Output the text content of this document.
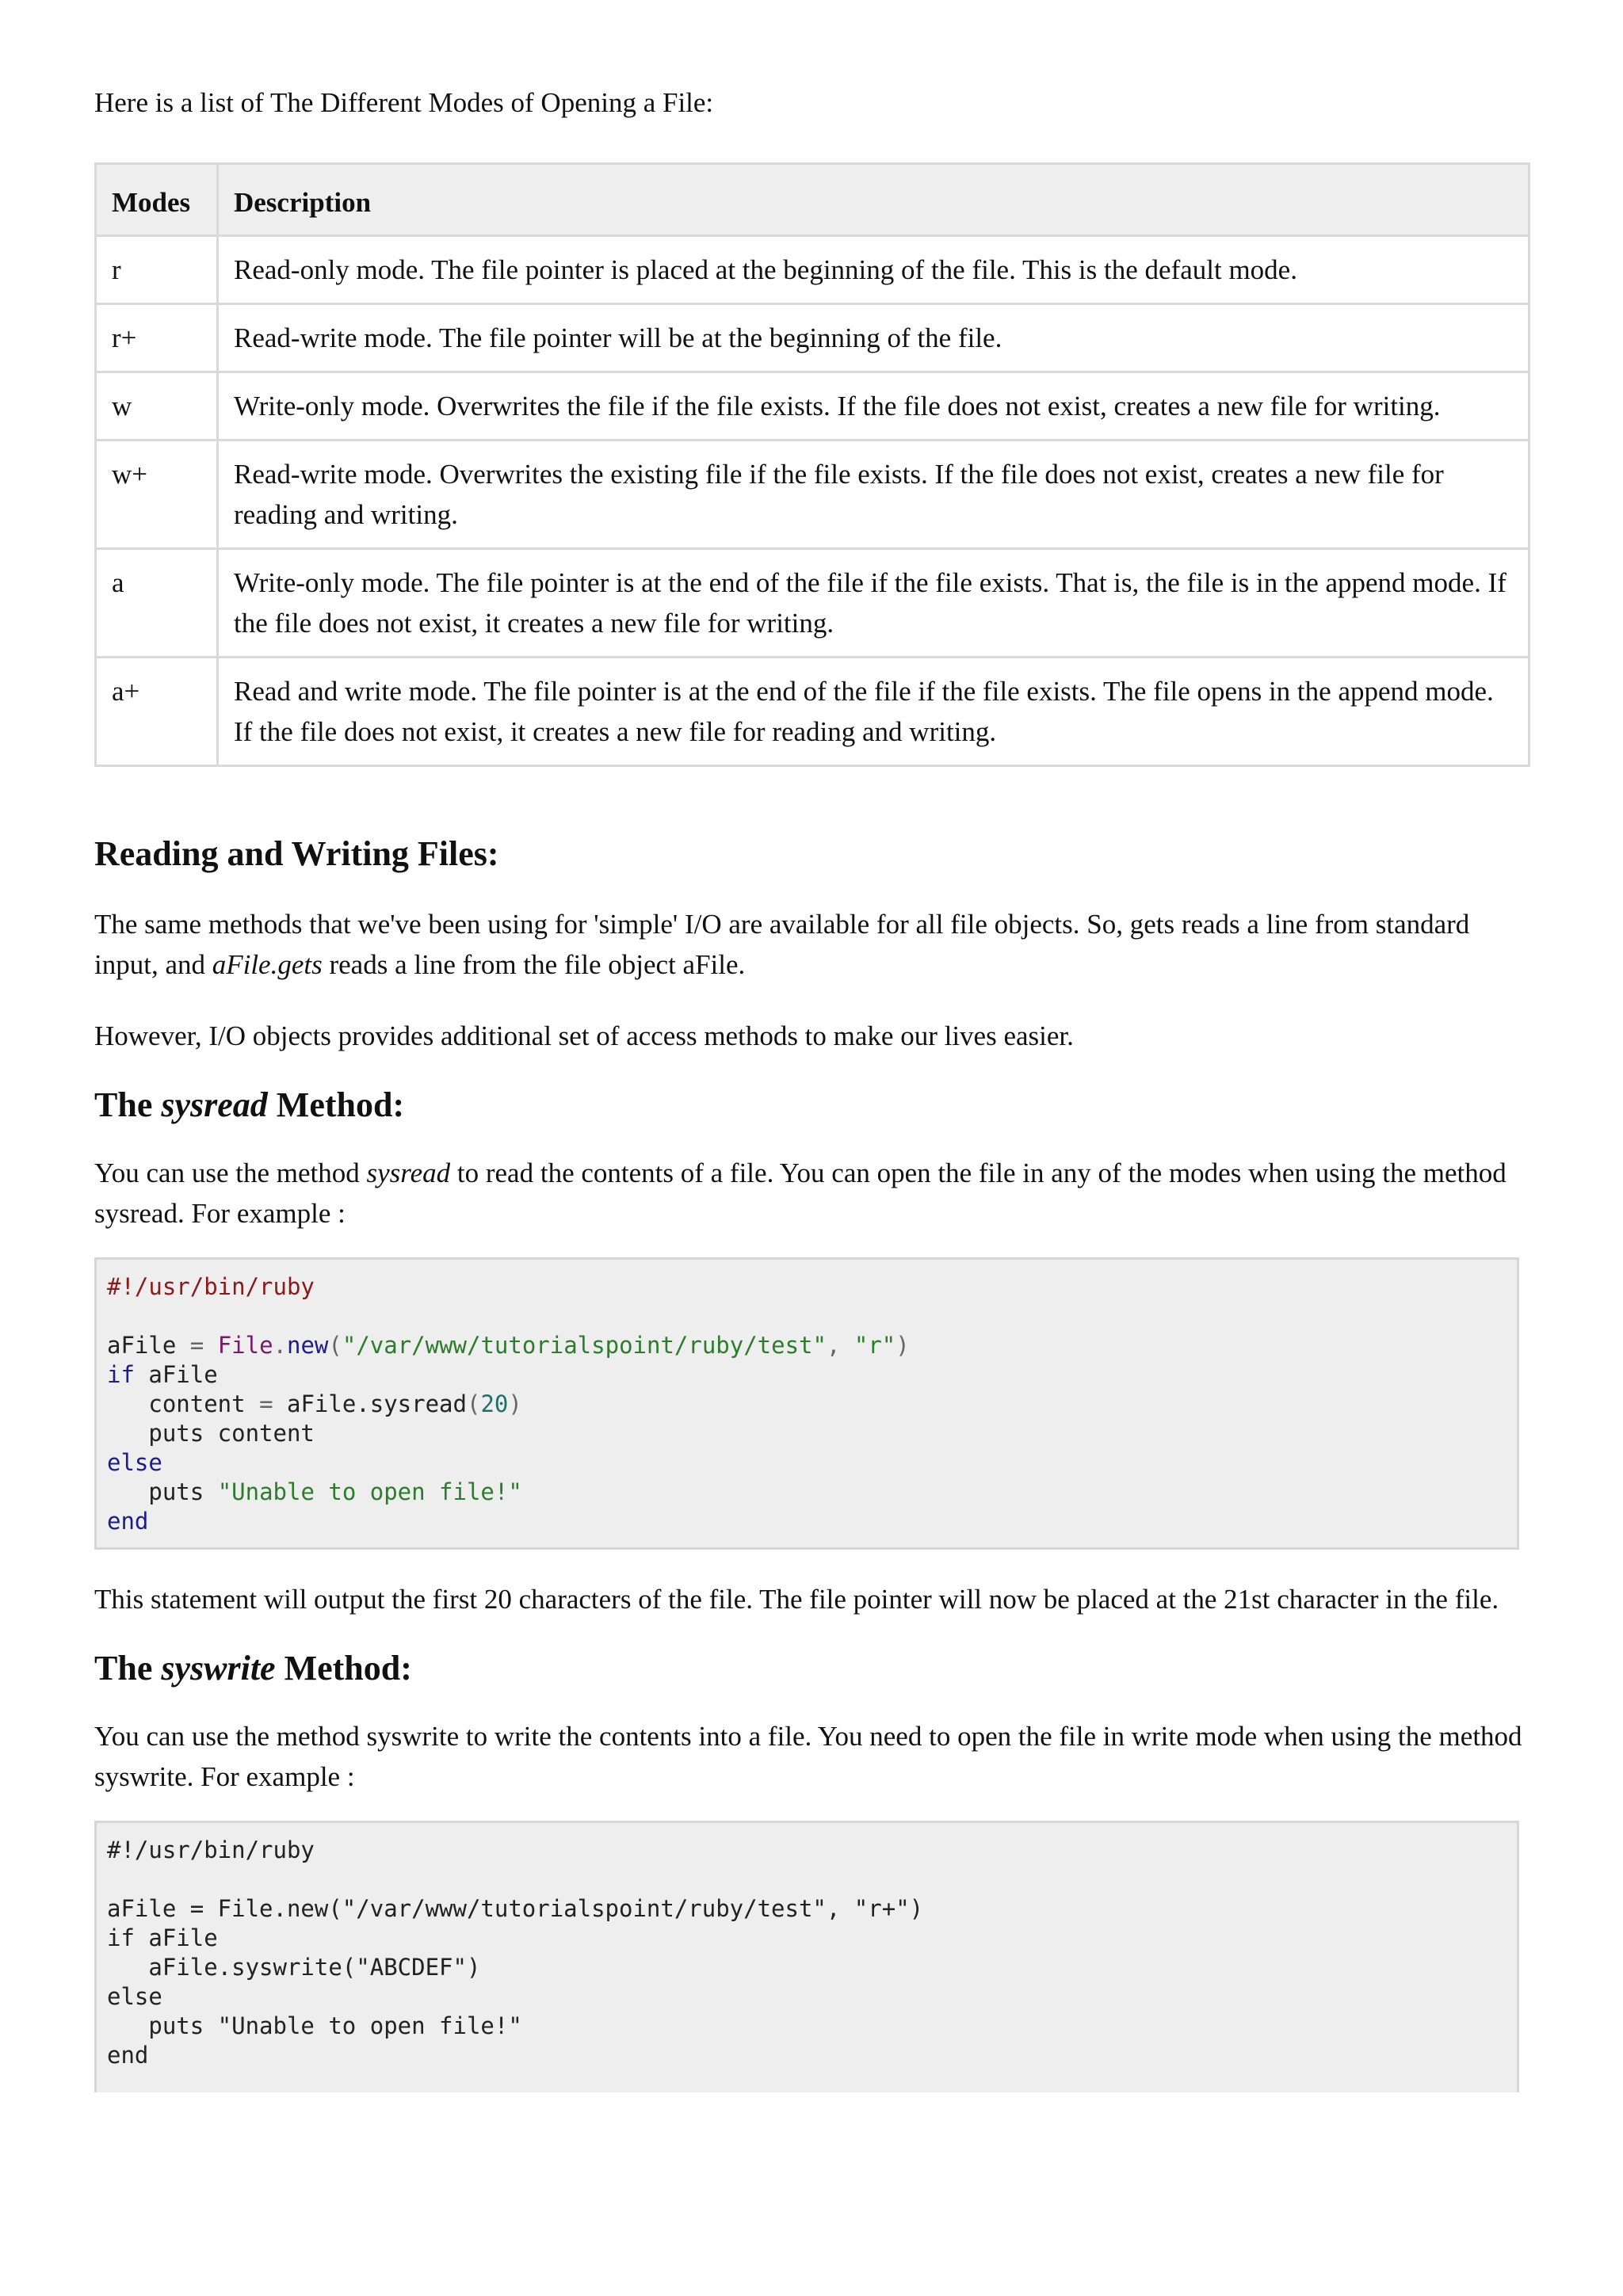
Here is a list of The Different Modes of Opening a File:

Modes	Description
r	Read-only mode. The file pointer is placed at the beginning of the file. This is the default mode.
r+	Read-write mode. The file pointer will be at the beginning of the file.
w	Write-only mode. Overwrites the file if the file exists. If the file does not exist, creates a new file for writing.
w+	Read-write mode. Overwrites the existing file if the file exists. If the file does not exist, creates a new file for reading and writing.
a	Write-only mode. The file pointer is at the end of the file if the file exists. That is, the file is in the append mode. If the file does not exist, it creates a new file for writing.
a+	Read and write mode. The file pointer is at the end of the file if the file exists. The file opens in the append mode. If the file does not exist, it creates a new file for reading and writing.
Reading and Writing Files:

The same methods that we've been using for 'simple' I/O are available for all file objects. So, gets reads a line from standard input, and aFile.gets reads a line from the file object aFile.

However, I/O objects provides additional set of access methods to make our lives easier.

The sysread Method:

You can use the method sysread to read the contents of a file. You can open the file in any of the modes when using the method sysread. For example :

#!/usr/bin/ruby
aFile = File.new("/var/www/tutorialspoint/ruby/test", "r")
if aFile
content = aFile.sysread(20)
puts content
else
puts "Unable to open file!"
end

This statement will output the first 20 characters of the file. The file pointer will now be placed at the 21st character in the file.

The syswrite Method:

You can use the method syswrite to write the contents into a file. You need to open the file in write mode when using the method syswrite. For example :

#!/usr/bin/ruby
aFile = File.new("/var/www/tutorialspoint/ruby/test", "r+")
if aFile
aFile.syswrite("ABCDEF")
else
puts "Unable to open file!"
end
